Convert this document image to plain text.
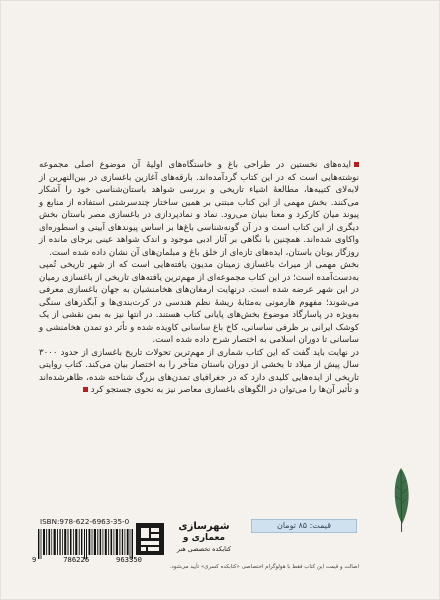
ایده‌های نخستین در طراحی باغ و خاستگاه‌های اولیهٔ آن موضوع اصلی مجموعه نوشته‌هایی است که در این کتاب گردآمده‌اند. بارقه‌های آغازین باغسازی در بین‌النهرین از لابه‌لای کتیبه‌ها، مطالعهٔ اشیاء تاریخی و بررسی شواهد باستان‌شناسی خود را آشکار می‌کنند. بخش مهمی از این کتاب مبتنی بر همین ساختار چندسرشتی استفاده از منابع و پیوند میان کارکرد و معنا بنیان می‌رود. نماد و نمادپردازی در باغسازی مصر باستان بخش دیگری از این کتاب است و در آن گونه‌شناسی باغ‌ها بر اساس پیوندهای آیینی و اسطوره‌ای واکاوی شده‌اند. همچنین با نگاهی بر آثار ادبی موجود و اندک شواهد عینی برجای مانده از روزگار یونان باستان، ایده‌های تازه‌ای از خلق باغ و مبلمان‌های آن نشان داده شده است.

بخش مهمی از میراث باغسازی زمینان مدیون یافته‌هایی است که از شهر تاریخی تُمپی به‌دست‌آمده است؛ در این کتاب مجموعه‌ای از مهم‌ترین یافته‌های تاریخی از باغسازی رمیان در این شهر عرضه شده است. درنهایت ارمغان‌های هخامنشیان به جهان باغسازی معرفی می‌شوند؛ مفهوم هارمونی به‌مثابهٔ ریشهٔ نظم هندسی در کرت‌بندی‌ها و آبگذرهای سنگی به‌ویژه در پاسارگاد موضوع بخش‌های پایانی کتاب هستند. در انتها نیز به بمن نقشی از یک کوشک ایرانی بر ظرفی ساسانی، کاخ باغ ساسانی کاویده شده و تأثر دو تمدن هخامنشی و ساسانی تا دوران اسلامی به اختصار شرح داده شده است.

در نهایت باید گفت که این کتاب شماری از مهم‌ترین تحولات تاریخ باغسازی از حدود ۳۰۰۰ سال پیش از میلاد تا بخشی از دوران باستان متأخر را به اختصار بیان می‌کند. کتاب روایتی تاریخی از ایده‌هایی کلیدی دارد که در جغرافیای تمدن‌های بزرگ شناخته شده، ظاهرشده‌اند و تأثیر آن‌ها را می‌توان در الگوهای باغسازی معاصر نیز به نحوی جستجو کرد

قیمت: ۸۵ تومان
ISBN:978-622-6963-35-0
9	786226	963350
شهرسازی
معماری و
کتابکده تخصصی هنر
اصالت و قیمت این کتاب فقط با هولوگرام اختصاصی «کتابکده کسری» تأیید می‌شود.
